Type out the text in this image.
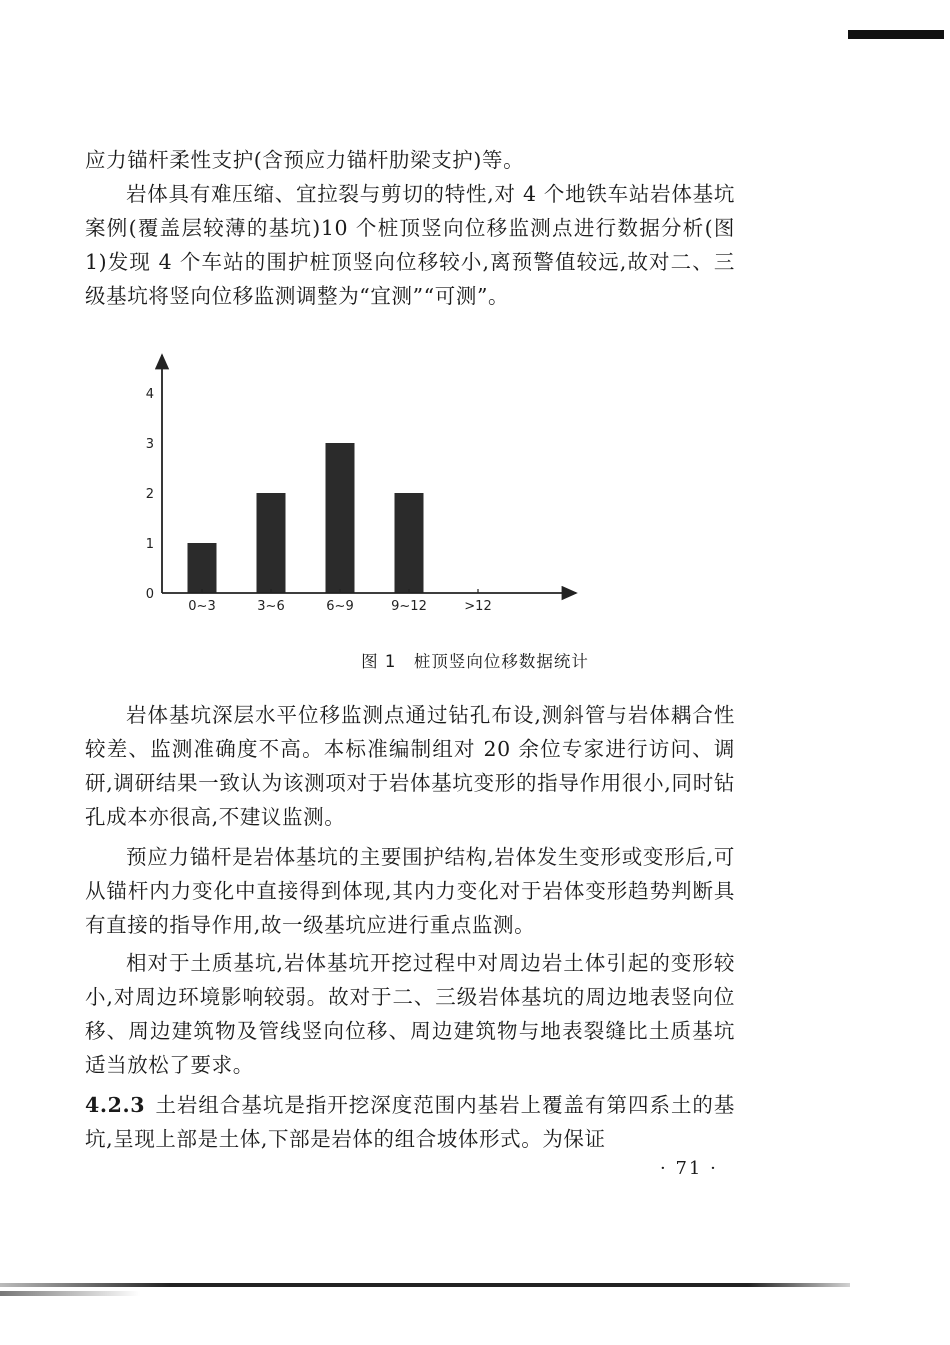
应力锚杆柔性支护(含预应力锚杆肋梁支护)等。

岩体具有难压缩、宜拉裂与剪切的特性,对 4 个地铁车站岩体基坑案例(覆盖层较薄的基坑)10 个桩顶竖向位移监测点进行数据分析(图 1)发现 4 个车站的围护桩顶竖向位移较小,离预警值较远,故对二、三级基坑将竖向位移监测调整为“宜测”“可测”。

0
1
2
3
4
0~3	3~6	6~9	9~12	>12
图 1　桩顶竖向位移数据统计

岩体基坑深层水平位移监测点通过钻孔布设,测斜管与岩体耦合性较差、监测准确度不高。本标准编制组对 20 余位专家进行访问、调研,调研结果一致认为该测项对于岩体基坑变形的指导作用很小,同时钻孔成本亦很高,不建议监测。

预应力锚杆是岩体基坑的主要围护结构,岩体发生变形或变形后,可从锚杆内力变化中直接得到体现,其内力变化对于岩体变形趋势判断具有直接的指导作用,故一级基坑应进行重点监测。

相对于土质基坑,岩体基坑开挖过程中对周边岩土体引起的变形较小,对周边环境影响较弱。故对于二、三级岩体基坑的周边地表竖向位移、周边建筑物及管线竖向位移、周边建筑物与地表裂缝比土质基坑适当放松了要求。

4.2.3 土岩组合基坑是指开挖深度范围内基岩上覆盖有第四系土的基坑,呈现上部是土体,下部是岩体的组合坡体形式。为保证

· 71 ·
